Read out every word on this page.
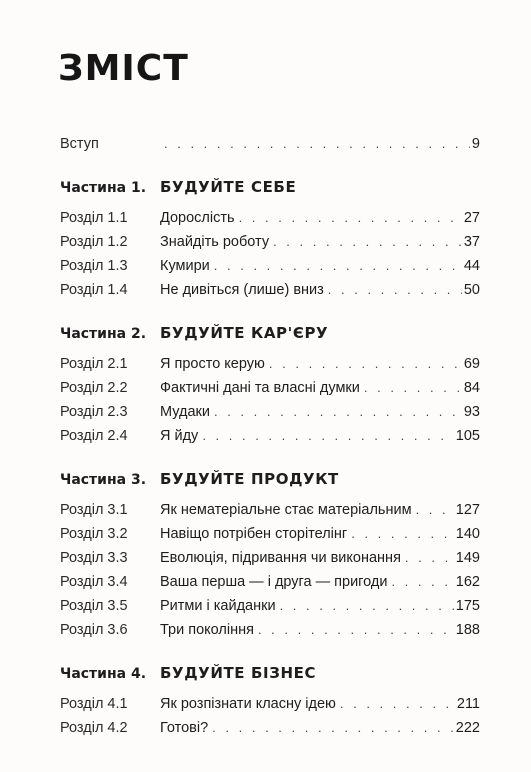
ЗМІСТ
Вступ . . .	9
Частина 1. БУДУЙТЕ СЕБЕ
Розділ 1.1	Дорослість . . .	27
Розділ 1.2	Знайдіть роботу . . .	37
Розділ 1.3	Кумири . . .	44
Розділ 1.4	Не дивіться (лише) вниз . . .	50
Частина 2. БУДУЙТЕ КАР'ЄРУ
Розділ 2.1	Я просто керую . . .	69
Розділ 2.2	Фактичні дані та власні думки . . .	84
Розділ 2.3	Мудаки . . .	93
Розділ 2.4	Я йду . . .	105
Частина 3. БУДУЙТЕ ПРОДУКТ
Розділ 3.1	Як нематеріальне стає матеріальним . . .	127
Розділ 3.2	Навіщо потрібен сторітелінг . . .	140
Розділ 3.3	Еволюція, підривання чи виконання . . .	149
Розділ 3.4	Ваша перша — і друга — пригоди . . .	162
Розділ 3.5	Ритми і кайданки . . .	175
Розділ 3.6	Три покоління . . .	188
Частина 4. БУДУЙТЕ БІЗНЕС
Розділ 4.1	Як розпізнати класну ідею . . .	211
Розділ 4.2	Готові? . . .	222
